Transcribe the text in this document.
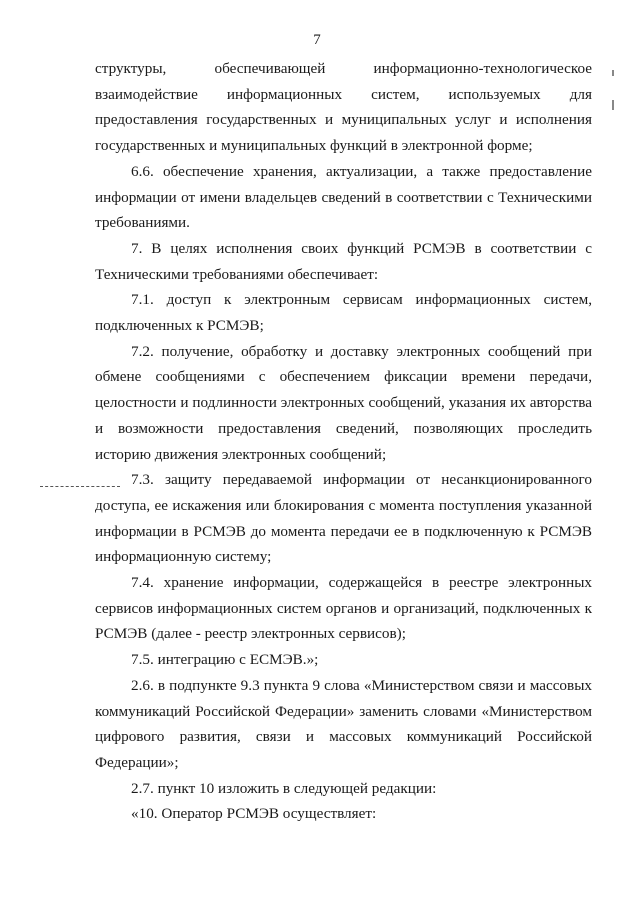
7

структуры, обеспечивающей информационно-технологическое взаимодействие информационных систем, используемых для предоставления государственных и муниципальных услуг и исполнения государственных и муниципальных функций в электронной форме;

6.6. обеспечение хранения, актуализации, а также предоставление информации от имени владельцев сведений в соответствии с Техническими требованиями.

7. В целях исполнения своих функций РСМЭВ в соответствии с Техническими требованиями обеспечивает:

7.1. доступ к электронным сервисам информационных систем, подключенных к РСМЭВ;

7.2. получение, обработку и доставку электронных сообщений при обмене сообщениями с обеспечением фиксации времени передачи, целостности и подлинности электронных сообщений, указания их авторства и возможности предоставления сведений, позволяющих проследить историю движения электронных сообщений;

7.3. защиту передаваемой информации от несанкционированного доступа, ее искажения или блокирования с момента поступления указанной информации в РСМЭВ до момента передачи ее в подключенную к РСМЭВ информационную систему;

7.4. хранение информации, содержащейся в реестре электронных сервисов информационных систем органов и организаций, подключенных к РСМЭВ (далее - реестр электронных сервисов);

7.5. интеграцию с ЕСМЭВ.»;

2.6. в подпункте 9.3 пункта 9 слова «Министерством связи и массовых коммуникаций Российской Федерации» заменить словами «Министерством цифрового развития, связи и массовых коммуникаций Российской Федерации»;

2.7. пункт 10 изложить в следующей редакции:

«10. Оператор РСМЭВ осуществляет:
